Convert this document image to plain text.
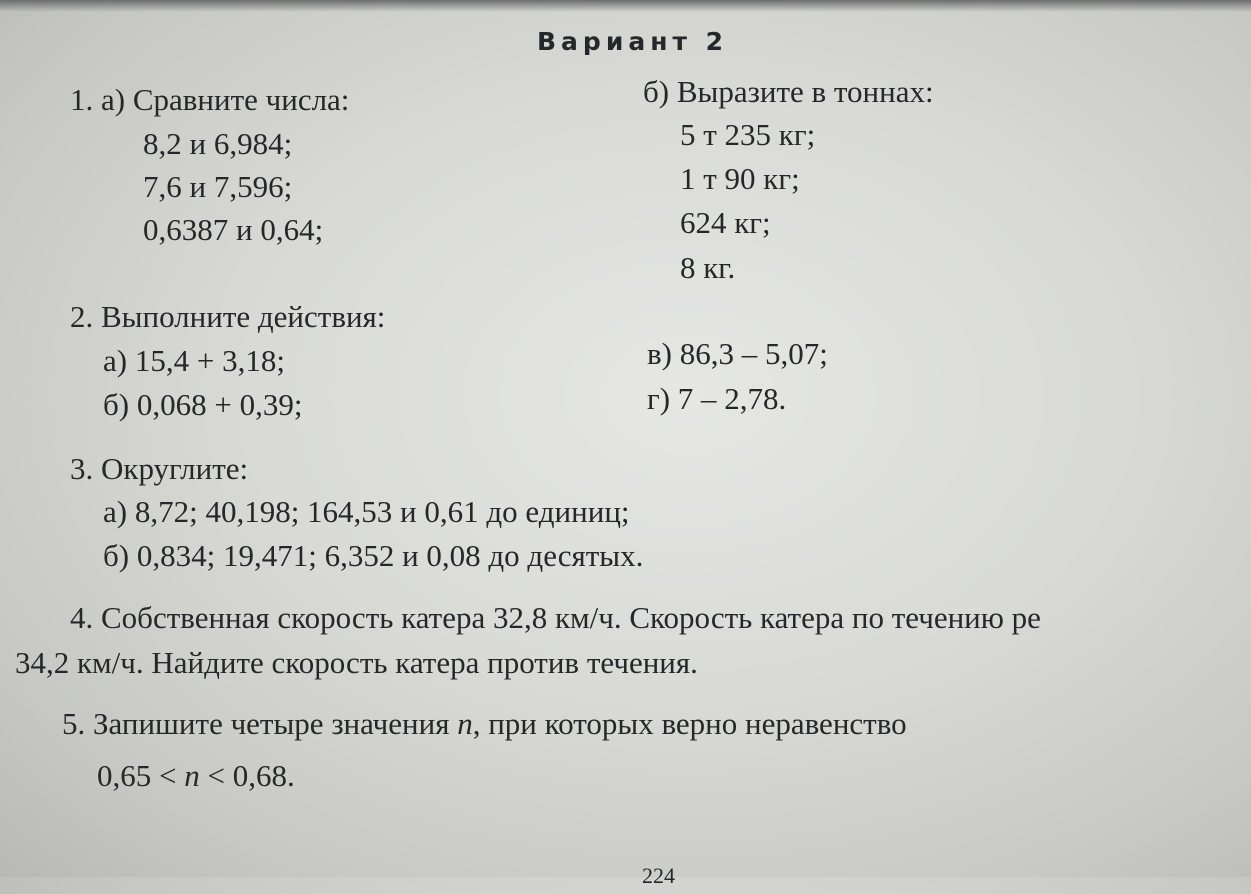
Вариант 2
1. а) Сравните числа:
8,2 и 6,984;
7,6 и 7,596;
0,6387 и 0,64;
б) Выразите в тоннах:
5 т 235 кг;
1 т 90 кг;
624 кг;
8 кг.
2. Выполните действия:
а) 15,4 + 3,18;
б) 0,068 + 0,39;
в) 86,3 – 5,07;
г) 7 – 2,78.
3. Округлите:
а) 8,72; 40,198; 164,53 и 0,61 до единиц;
б) 0,834; 19,471; 6,352 и 0,08 до десятых.
4. Собственная скорость катера 32,8 км/ч. Скорость катера по течению ре
34,2 км/ч. Найдите скорость катера против течения.
5. Запишите четыре значения n, при которых верно неравенство
0,65 < n < 0,68.
224
